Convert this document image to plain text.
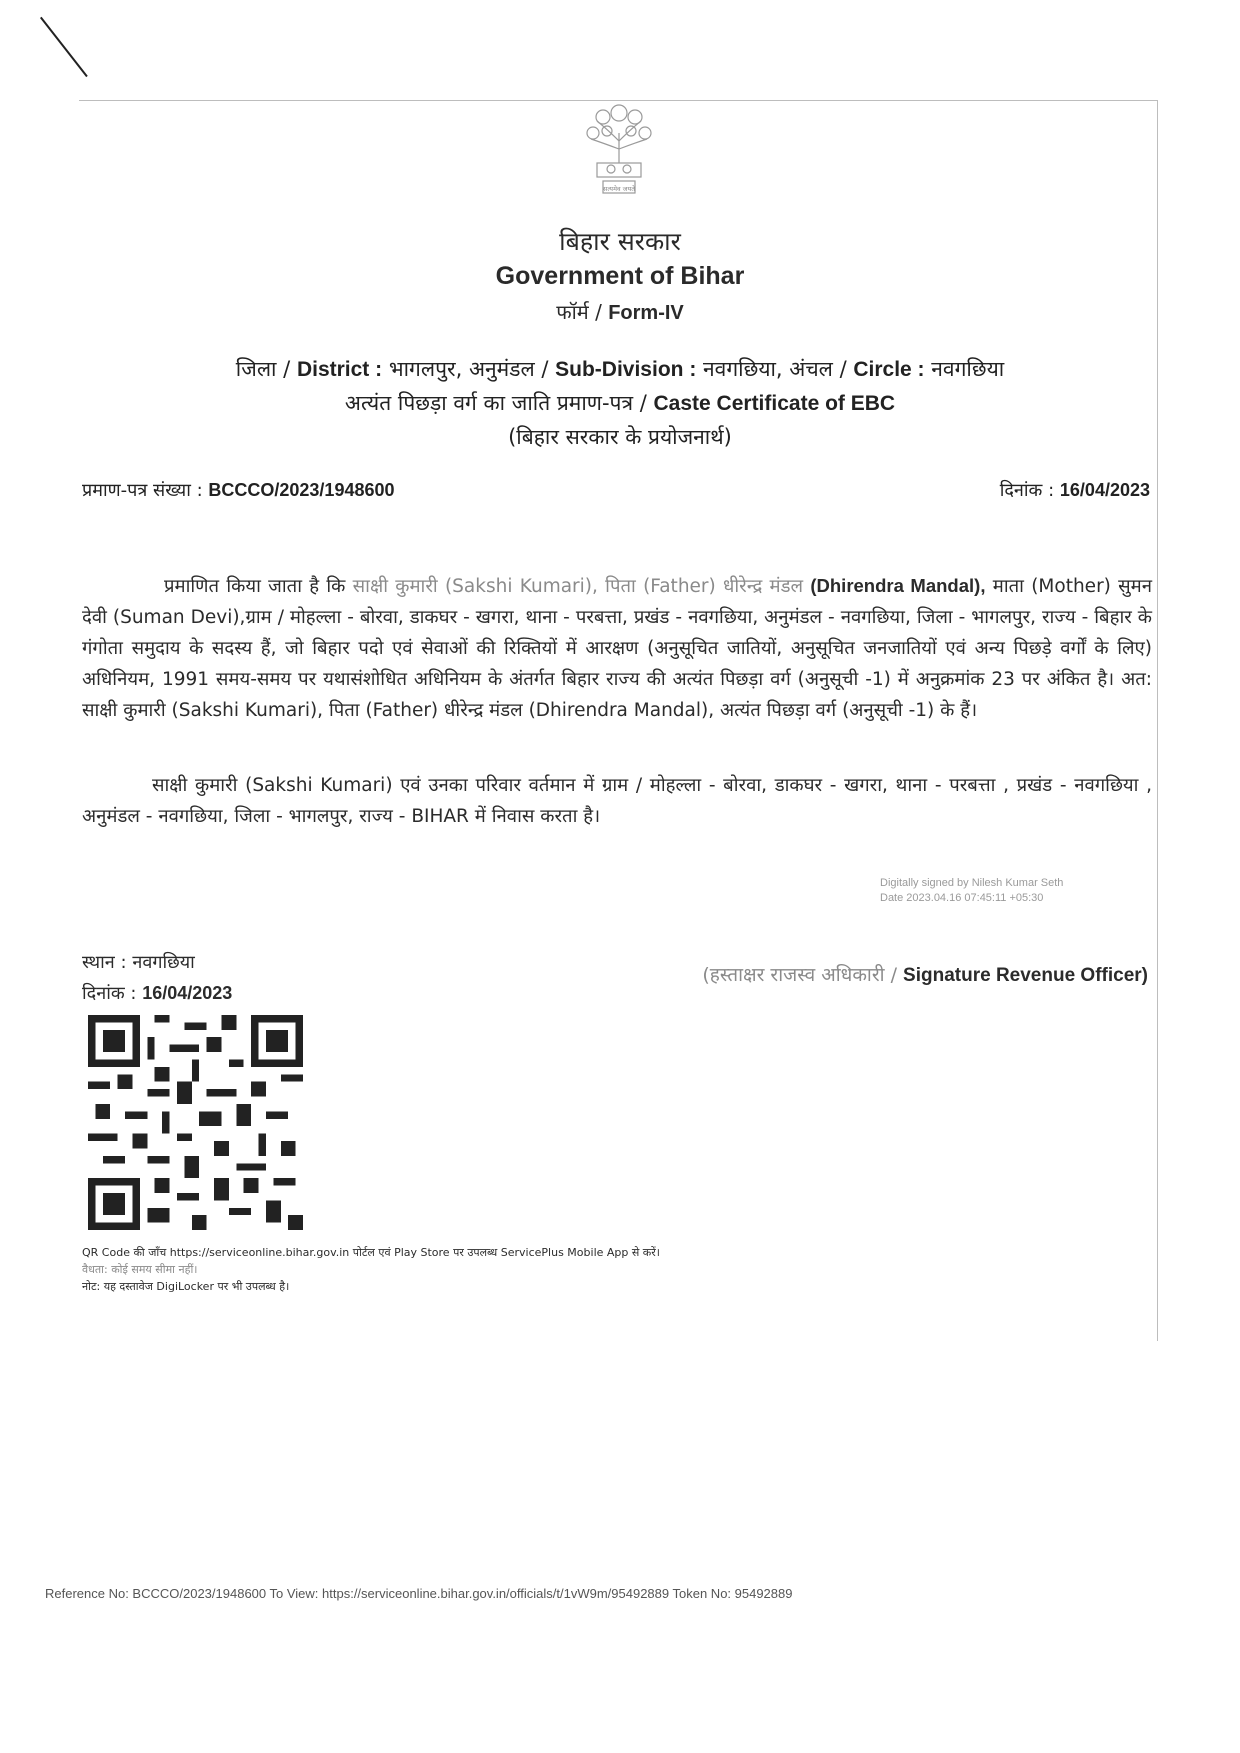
सत्यमेव जयते
बिहार सरकार
Government of Bihar
फॉर्म / Form-IV
जिला / District : भागलपुर, अनुमंडल / Sub-Division : नवगछिया, अंचल / Circle : नवगछिया
अत्यंत पिछड़ा वर्ग का जाति प्रमाण-पत्र / Caste Certificate of EBC
(बिहार सरकार के प्रयोजनार्थ)
प्रमाण-पत्र संख्या : BCCCO/2023/1948600	दिनांक : 16/04/2023
प्रमाणित किया जाता है कि साक्षी कुमारी (Sakshi Kumari), पिता (Father) धीरेन्द्र मंडल (Dhirendra Mandal), माता (Mother) सुमन देवी (Suman Devi),ग्राम / मोहल्ला - बोरवा, डाकघर - खगरा, थाना - परबत्ता, प्रखंड - नवगछिया, अनुमंडल - नवगछिया, जिला - भागलपुर, राज्य - बिहार के गंगोता समुदाय के सदस्य हैं, जो बिहार पदो एवं सेवाओं की रिक्तियों में आरक्षण (अनुसूचित जातियों, अनुसूचित जनजातियों एवं अन्य पिछड़े वर्गों के लिए) अधिनियम, 1991 समय-समय पर यथासंशोधित अधिनियम के अंतर्गत बिहार राज्य की अत्यंत पिछड़ा वर्ग (अनुसूची -1) में अनुक्रमांक 23 पर अंकित है। अत: साक्षी कुमारी (Sakshi Kumari), पिता (Father) धीरेन्द्र मंडल (Dhirendra Mandal), अत्यंत पिछड़ा वर्ग (अनुसूची -1) के हैं।
साक्षी कुमारी (Sakshi Kumari) एवं उनका परिवार वर्तमान में ग्राम / मोहल्ला - बोरवा, डाकघर - खगरा, थाना - परबत्ता , प्रखंड - नवगछिया , अनुमंडल - नवगछिया, जिला - भागलपुर, राज्य - BIHAR में निवास करता है।
Digitally signed by Nilesh Kumar Seth
Date 2023.04.16 07:45:11 +05:30
स्थान : नवगछिया
दिनांक : 16/04/2023
(हस्ताक्षर राजस्व अधिकारी / Signature Revenue Officer)
QR Code की जाँच https://serviceonline.bihar.gov.in पोर्टल एवं Play Store पर उपलब्ध ServicePlus Mobile App से करें।
वैधता: कोई समय सीमा नहीं।
नोट: यह दस्तावेज DigiLocker पर भी उपलब्ध है।
Reference No: BCCCO/2023/1948600 To View: https://serviceonline.bihar.gov.in/officials/t/1vW9m/95492889 Token No: 95492889
